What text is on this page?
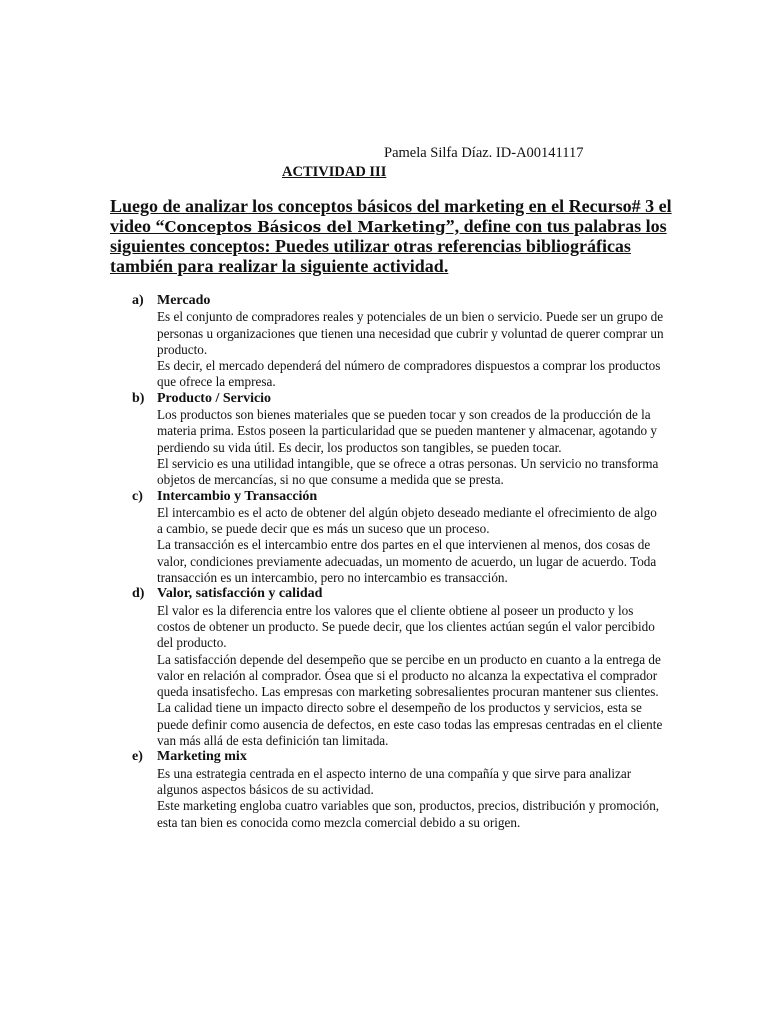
Pamela Silfa Díaz. ID-A00141117
ACTIVIDAD III

Luego de analizar los conceptos básicos del marketing en el Recurso# 3 el video “Conceptos Básicos del Marketing”, define con tus palabras los siguientes conceptos: Puedes utilizar otras referencias bibliográficas también para realizar la siguiente actividad.

a) Mercado

Es el conjunto de compradores reales y potenciales de un bien o servicio. Puede ser un grupo de personas u organizaciones que tienen una necesidad que cubrir y voluntad de querer comprar un producto.

Es decir, el mercado dependerá del número de compradores dispuestos a comprar los productos que ofrece la empresa.

b) Producto / Servicio

Los productos son bienes materiales que se pueden tocar y son creados de la producción de la materia prima. Estos poseen la particularidad que se pueden mantener y almacenar, agotando y perdiendo su vida útil. Es decir, los productos son tangibles, se pueden tocar.

El servicio es una utilidad intangible, que se ofrece a otras personas. Un servicio no transforma objetos de mercancías, si no que consume a medida que se presta.

c) Intercambio y Transacción

El intercambio es el acto de obtener del algún objeto deseado mediante el ofrecimiento de algo a cambio, se puede decir que es más un suceso que un proceso.

La transacción es el intercambio entre dos partes en el que intervienen al menos, dos cosas de valor, condiciones previamente adecuadas, un momento de acuerdo, un lugar de acuerdo. Toda transacción es un intercambio, pero no intercambio es transacción.

d) Valor, satisfacción y calidad

El valor es la diferencia entre los valores que el cliente obtiene al poseer un producto y los costos de obtener un producto. Se puede decir, que los clientes actúan según el valor percibido del producto.

La satisfacción depende del desempeño que se percibe en un producto en cuanto a la entrega de valor en relación al comprador. Ósea que si el producto no alcanza la expectativa el comprador queda insatisfecho. Las empresas con marketing sobresalientes procuran mantener sus clientes.

La calidad tiene un impacto directo sobre el desempeño de los productos y servicios, esta se puede definir como ausencia de defectos, en este caso todas las empresas centradas en el cliente van más allá de esta definición tan limitada.

e) Marketing mix

Es una estrategia centrada en el aspecto interno de una compañía y que sirve para analizar algunos aspectos básicos de su actividad.

Este marketing engloba cuatro variables que son, productos, precios, distribución y promoción, esta tan bien es conocida como mezcla comercial debido a su origen.
